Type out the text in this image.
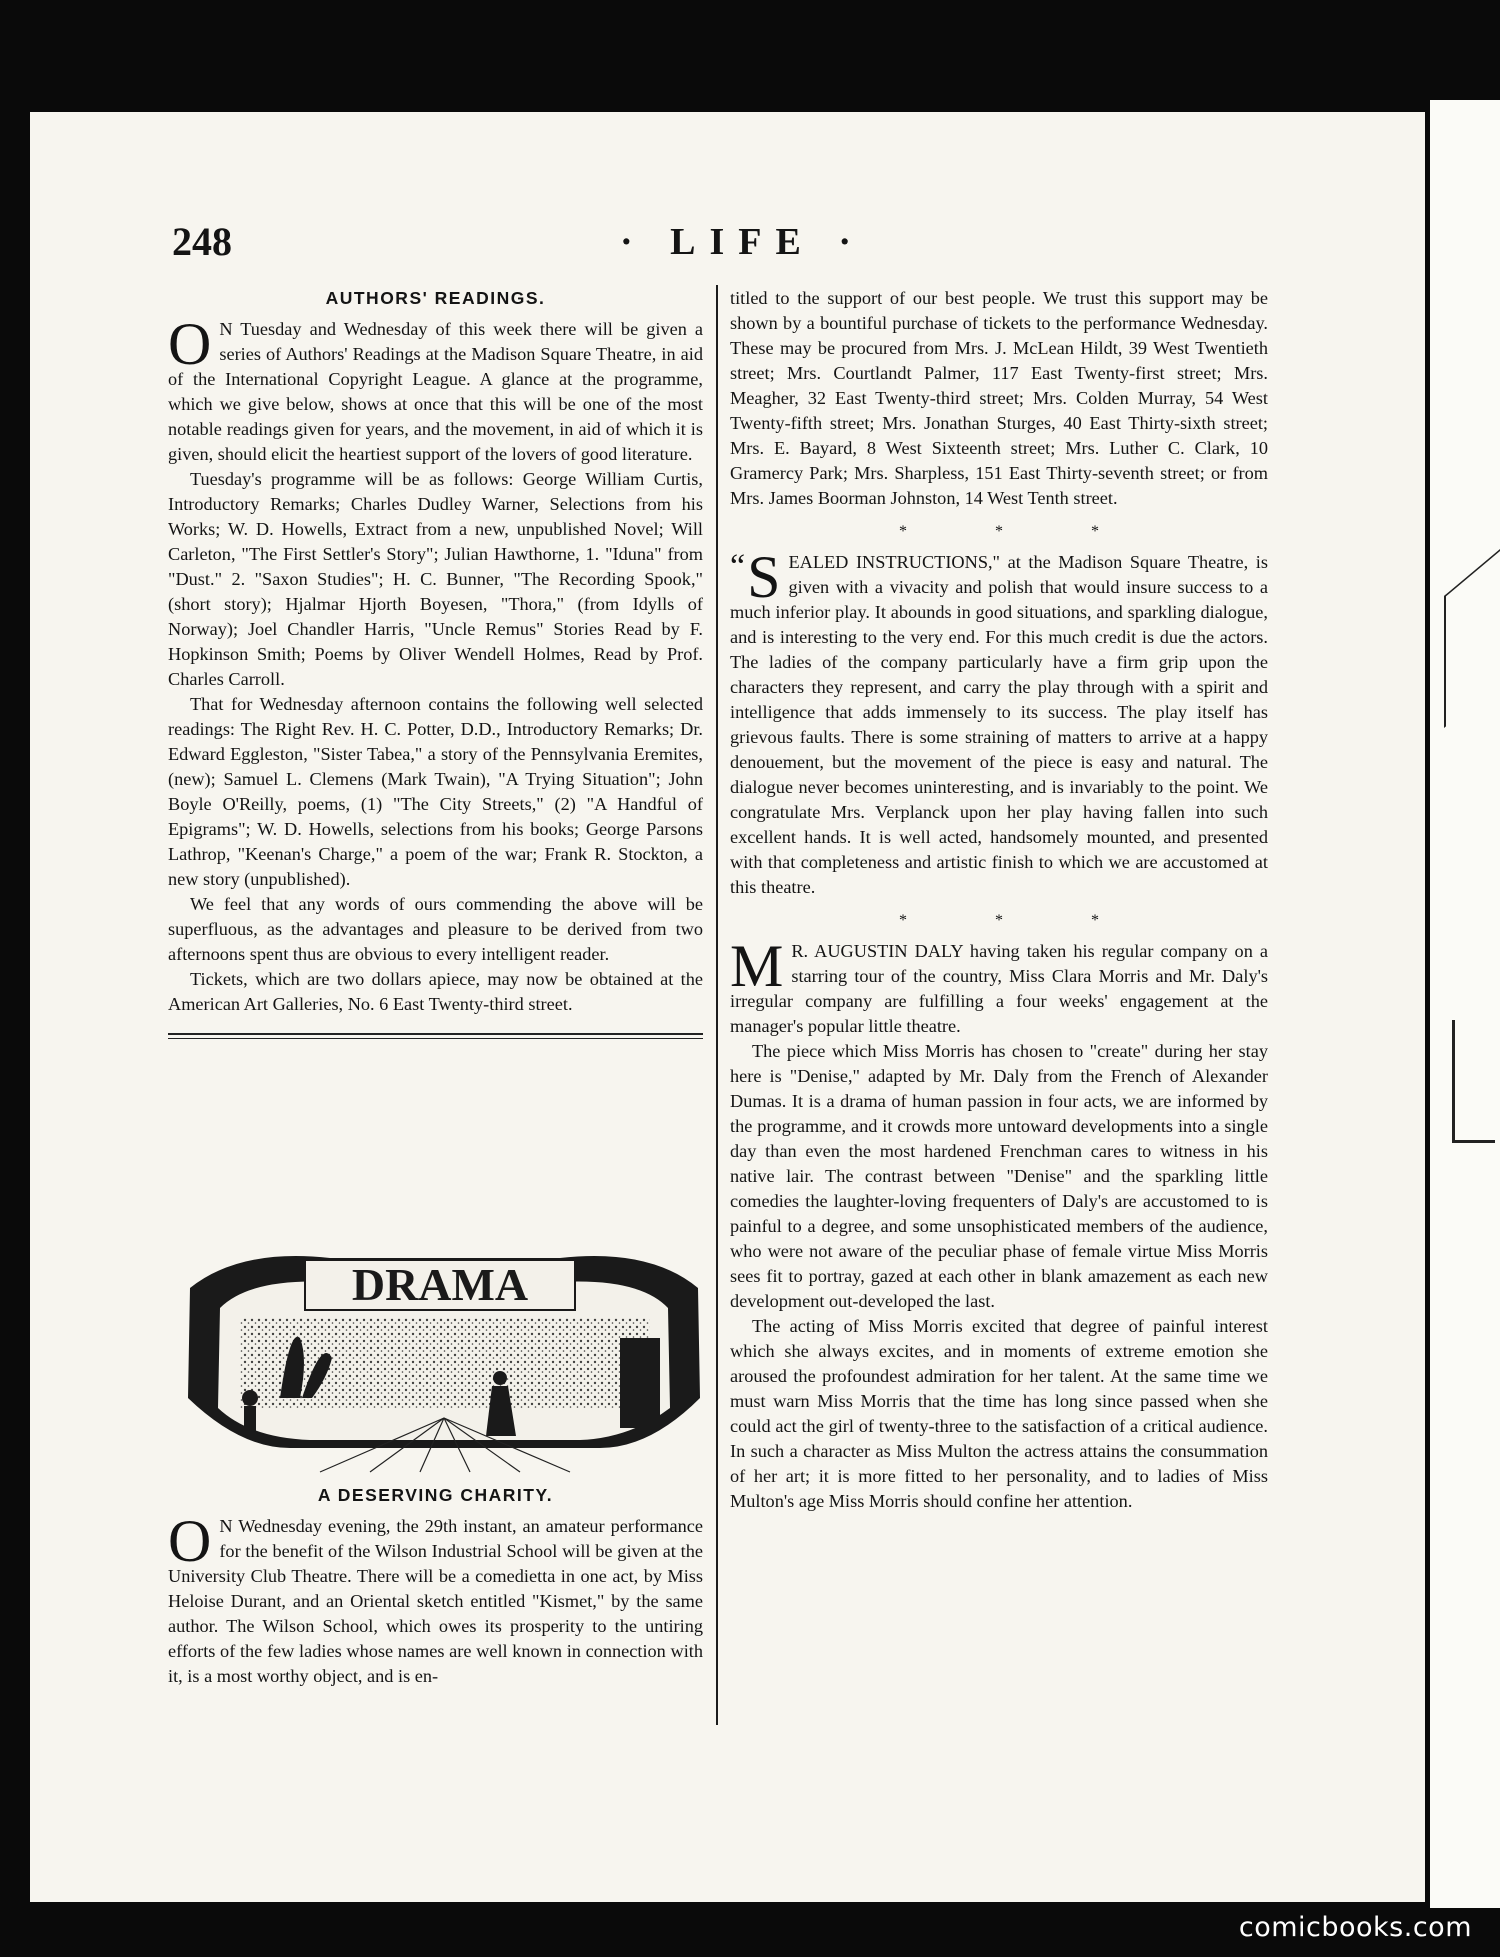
248	· LIFE ·
AUTHORS' READINGS.

O N Tuesday and Wednesday of this week there will be given a series of Authors' Readings at the Madison Square Theatre, in aid of the International Copyright League. A glance at the programme, which we give below, shows at once that this will be one of the most notable readings given for years, and the movement, in aid of which it is given, should elicit the heartiest support of the lovers of good literature.

Tuesday's programme will be as follows: George William Curtis, Introductory Remarks; Charles Dudley Warner, Selections from his Works; W. D. Howells, Extract from a new, unpublished Novel; Will Carleton, "The First Settler's Story"; Julian Hawthorne, 1. "Iduna" from "Dust." 2. "Saxon Studies"; H. C. Bunner, "The Recording Spook," (short story); Hjalmar Hjorth Boyesen, "Thora," (from Idylls of Norway); Joel Chandler Harris, "Uncle Remus" Stories Read by F. Hopkinson Smith; Poems by Oliver Wendell Holmes, Read by Prof. Charles Carroll.

That for Wednesday afternoon contains the following well selected readings: The Right Rev. H. C. Potter, D.D., Introductory Remarks; Dr. Edward Eggleston, "Sister Tabea," a story of the Pennsylvania Eremites, (new); Samuel L. Clemens (Mark Twain), "A Trying Situation"; John Boyle O'Reilly, poems, (1) "The City Streets," (2) "A Handful of Epigrams"; W. D. Howells, selections from his books; George Parsons Lathrop, "Keenan's Charge," a poem of the war; Frank R. Stockton, a new story (unpublished).

We feel that any words of ours commending the above will be superfluous, as the advantages and pleasure to be derived from two afternoons spent thus are obvious to every intelligent reader.

Tickets, which are two dollars apiece, may now be obtained at the American Art Galleries, No. 6 East Twenty-third street.

DRAMA
A DESERVING CHARITY.

O N Wednesday evening, the 29th instant, an amateur performance for the benefit of the Wilson Industrial School will be given at the University Club Theatre. There will be a comedietta in one act, by Miss Heloise Durant, and an Oriental sketch entitled "Kismet," by the same author. The Wilson School, which owes its prosperity to the untiring efforts of the few ladies whose names are well known in connection with it, is a most worthy object, and is en-

titled to the support of our best people. We trust this support may be shown by a bountiful purchase of tickets to the performance Wednesday. These may be procured from Mrs. J. McLean Hildt, 39 West Twentieth street; Mrs. Courtlandt Palmer, 117 East Twenty-first street; Mrs. Meagher, 32 East Twenty-third street; Mrs. Colden Murray, 54 West Twenty-fifth street; Mrs. Jonathan Sturges, 40 East Thirty-sixth street; Mrs. E. Bayard, 8 West Sixteenth street; Mrs. Luther C. Clark, 10 Gramercy Park; Mrs. Sharpless, 151 East Thirty-seventh street; or from Mrs. James Boorman Johnston, 14 West Tenth street.

* * *

“ S EALED INSTRUCTIONS," at the Madison Square Theatre, is given with a vivacity and polish that would insure success to a much inferior play. It abounds in good situations, and sparkling dialogue, and is interesting to the very end. For this much credit is due the actors. The ladies of the company particularly have a firm grip upon the characters they represent, and carry the play through with a spirit and intelligence that adds immensely to its success. The play itself has grievous faults. There is some straining of matters to arrive at a happy denouement, but the movement of the piece is easy and natural. The dialogue never becomes uninteresting, and is invariably to the point. We congratulate Mrs. Verplanck upon her play having fallen into such excellent hands. It is well acted, handsomely mounted, and presented with that completeness and artistic finish to which we are accustomed at this theatre.

* * *

M R. AUGUSTIN DALY having taken his regular company on a starring tour of the country, Miss Clara Morris and Mr. Daly's irregular company are fulfilling a four weeks' engagement at the manager's popular little theatre.

The piece which Miss Morris has chosen to "create" during her stay here is "Denise," adapted by Mr. Daly from the French of Alexander Dumas. It is a drama of human passion in four acts, we are informed by the programme, and it crowds more untoward developments into a single day than even the most hardened Frenchman cares to witness in his native lair. The contrast between "Denise" and the sparkling little comedies the laughter-loving frequenters of Daly's are accustomed to is painful to a degree, and some unsophisticated members of the audience, who were not aware of the peculiar phase of female virtue Miss Morris sees fit to portray, gazed at each other in blank amazement as each new development out-developed the last.

The acting of Miss Morris excited that degree of painful interest which she always excites, and in moments of extreme emotion she aroused the profoundest admiration for her talent. At the same time we must warn Miss Morris that the time has long since passed when she could act the girl of twenty-three to the satisfaction of a critical audience. In such a character as Miss Multon the actress attains the consummation of her art; it is more fitted to her personality, and to ladies of Miss Multon's age Miss Morris should confine her attention.

comicbooks.com
